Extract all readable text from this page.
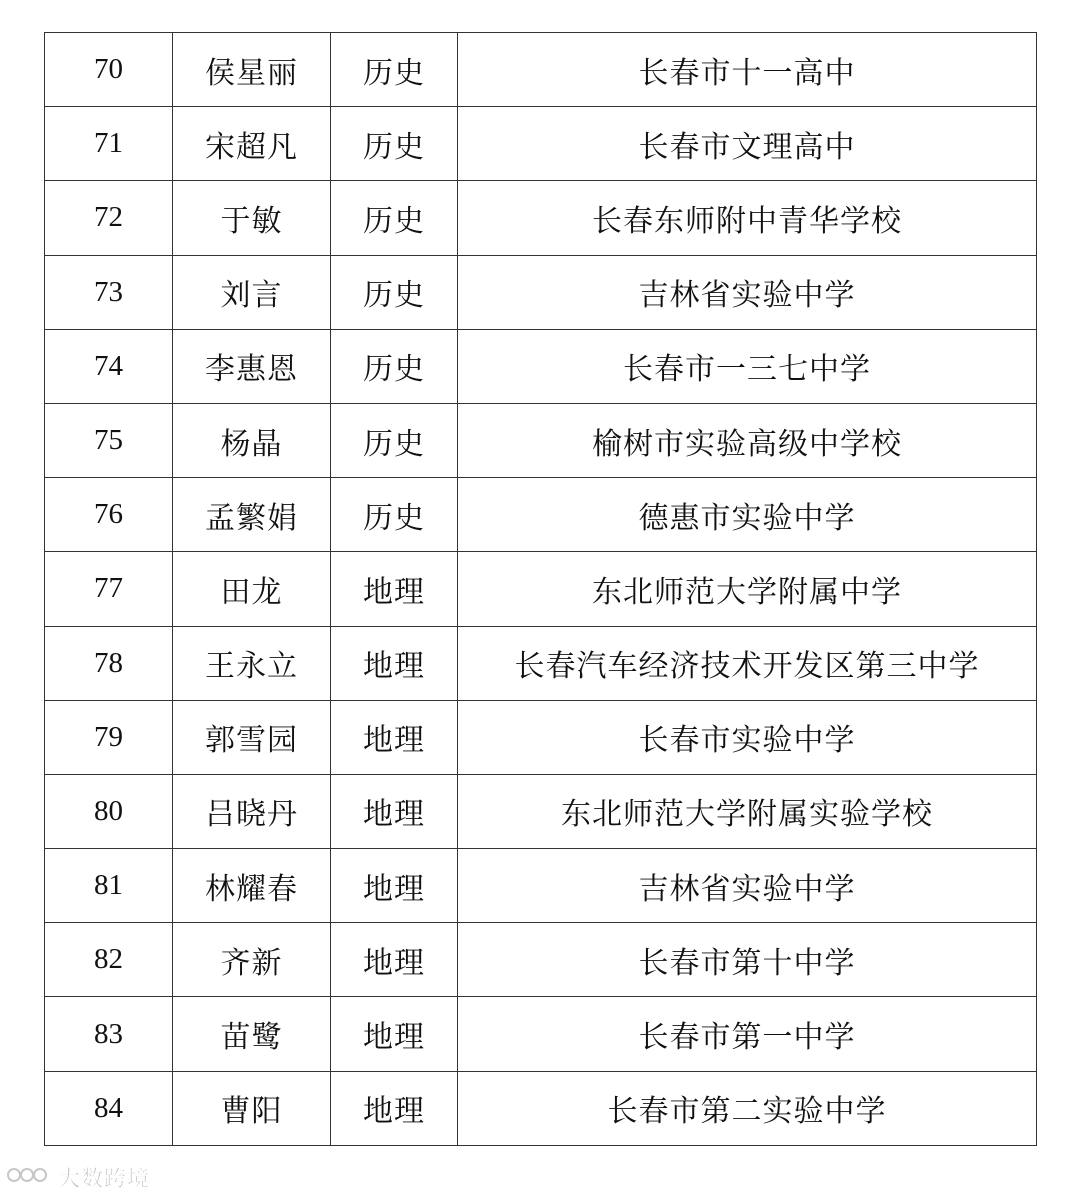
70	侯星丽	历史	长春市十一高中
71	宋超凡	历史	长春市文理高中
72	于敏	历史	长春东师附中青华学校
73	刘言	历史	吉林省实验中学
74	李惠恩	历史	长春市一三七中学
75	杨晶	历史	榆树市实验高级中学校
76	孟繁娟	历史	德惠市实验中学
77	田龙	地理	东北师范大学附属中学
78	王永立	地理	长春汽车经济技术开发区第三中学
79	郭雪园	地理	长春市实验中学
80	吕晓丹	地理	东北师范大学附属实验学校
81	林耀春	地理	吉林省实验中学
82	齐新	地理	长春市第十中学
83	苗鹭	地理	长春市第一中学
84	曹阳	地理	长春市第二实验中学
大数跨境
